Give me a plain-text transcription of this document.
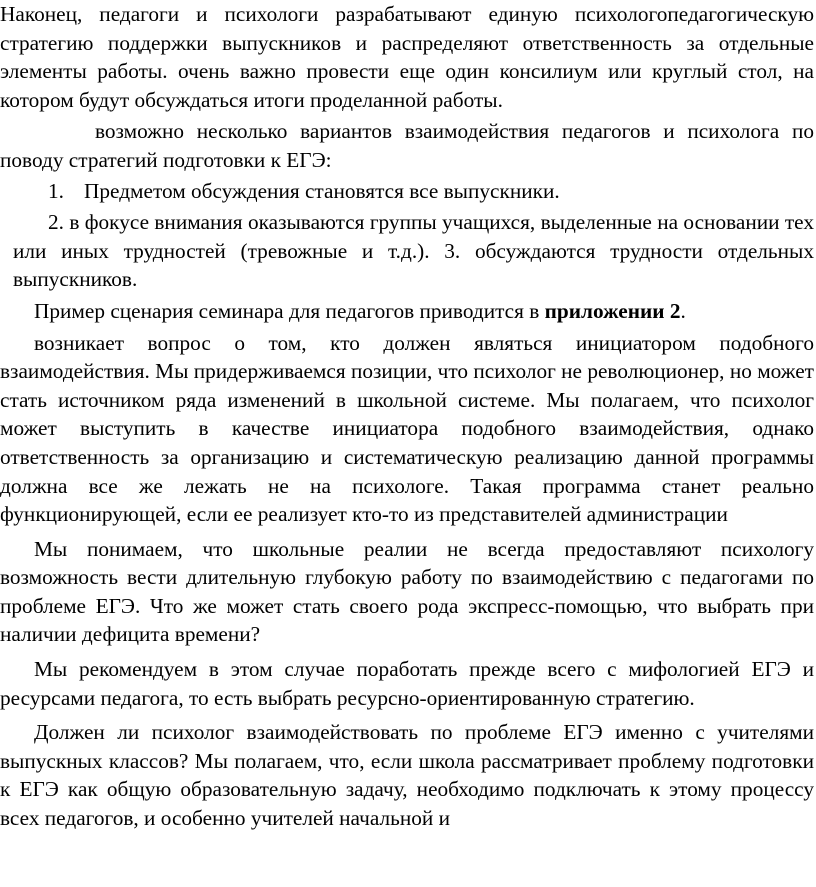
Наконец, педагоги и психологи разрабатывают единую психологопедагогическую стратегию поддержки выпускников и распределяют ответственность за отдельные элементы работы. очень важно провести еще один консилиум или круглый стол, на котором будут обсуждаться итоги проделанной работы.

возможно несколько вариантов взаимодействия педагогов и психолога по поводу стратегий подготовки к ЕГЭ:

1. Предметом обсуждения становятся все выпускники.

2. в фокусе внимания оказываются группы учащихся, выделенные на основании тех или иных трудностей (тревожные и т.д.). 3. обсуждаются трудности отдельных выпускников.

Пример сценария семинара для педагогов приводится в приложении 2.

возникает вопрос о том, кто должен являться инициатором подобного взаимодействия. Мы придерживаемся позиции, что психолог не революционер, но может стать источником ряда изменений в школьной системе. Мы полагаем, что психолог может выступить в качестве инициатора подобного взаимодействия, однако ответственность за организацию и систематическую реализацию данной программы должна все же лежать не на психологе. Такая программа станет реально функционирующей, если ее реализует кто-то из представителей администрации

Мы понимаем, что школьные реалии не всегда предоставляют психологу возможность вести длительную глубокую работу по взаимодействию с педагогами по проблеме ЕГЭ. Что же может стать своего рода экспресс-помощью, что выбрать при наличии дефицита времени?

Мы рекомендуем в этом случае поработать прежде всего с мифологией ЕГЭ и ресурсами педагога, то есть выбрать ресурсно-ориентированную стратегию.

Должен ли психолог взаимодействовать по проблеме ЕГЭ именно с учителями выпускных классов? Мы полагаем, что, если школа рассматривает проблему подготовки к ЕГЭ как общую образовательную задачу, необходимо подключать к этому процессу всех педагогов, и особенно учителей начальной и
